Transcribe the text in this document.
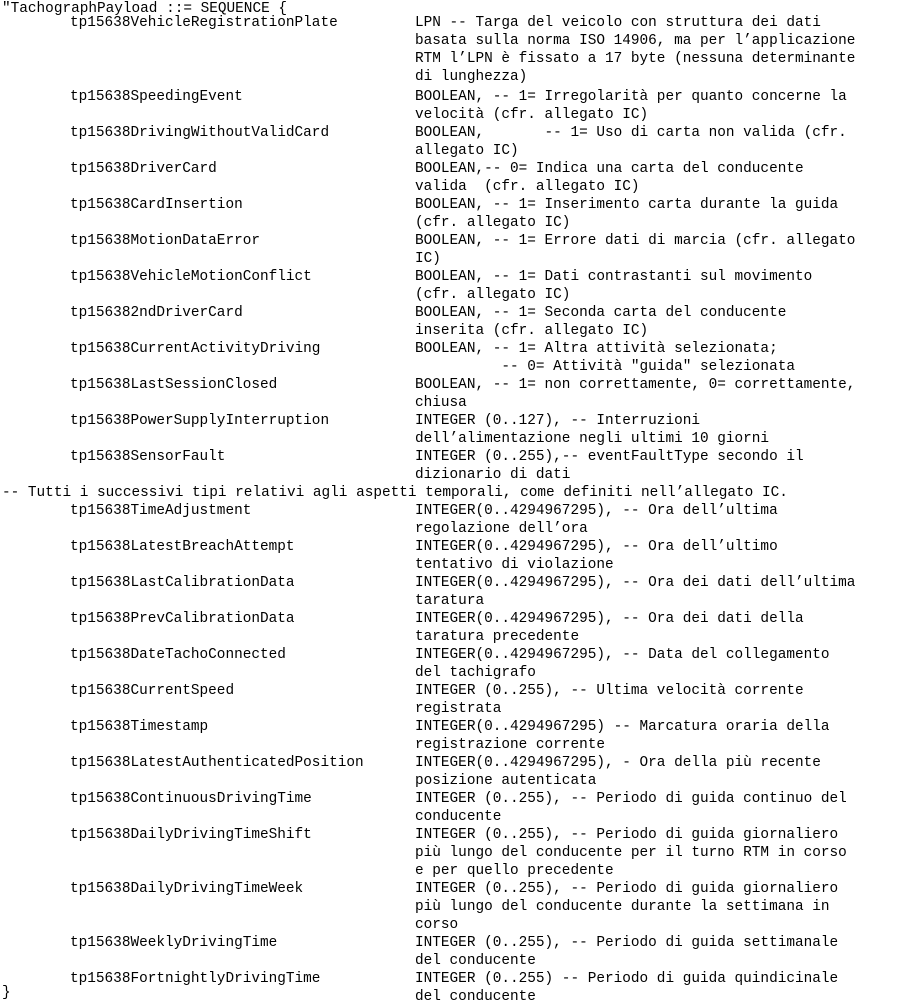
"TachographPayload ::= SEQUENCE {
tp15638VehicleRegistrationPlate	LPN -- Targa del veicolo con struttura dei dati
basata sulla norma ISO 14906, ma per l’applicazione
RTM l’LPN è fissato a 17 byte (nessuna determinante
di lunghezza)
tp15638SpeedingEvent	BOOLEAN, -- 1= Irregolarità per quanto concerne la
velocità (cfr. allegato IC)
tp15638DrivingWithoutValidCard	BOOLEAN,       -- 1= Uso di carta non valida (cfr.
allegato IC)
tp15638DriverCard	BOOLEAN,-- 0= Indica una carta del conducente
valida  (cfr. allegato IC)
tp15638CardInsertion	BOOLEAN, -- 1= Inserimento carta durante la guida
(cfr. allegato IC)
tp15638MotionDataError	BOOLEAN, -- 1= Errore dati di marcia (cfr. allegato
IC)
tp15638VehicleMotionConflict	BOOLEAN, -- 1= Dati contrastanti sul movimento
(cfr. allegato IC)
tp156382ndDriverCard	BOOLEAN, -- 1= Seconda carta del conducente
inserita (cfr. allegato IC)
tp15638CurrentActivityDriving	BOOLEAN, -- 1= Altra attività selezionata;
-- 0= Attività "guida" selezionata
tp15638LastSessionClosed	BOOLEAN, -- 1= non correttamente, 0= correttamente,
chiusa
tp15638PowerSupplyInterruption	INTEGER (0..127), -- Interruzioni
dell’alimentazione negli ultimi 10 giorni
tp15638SensorFault	INTEGER (0..255),-- eventFaultType secondo il
dizionario di dati
-- Tutti i successivi tipi relativi agli aspetti temporali, come definiti nell’allegato IC.
tp15638TimeAdjustment	INTEGER(0..4294967295), -- Ora dell’ultima
regolazione dell’ora
tp15638LatestBreachAttempt	INTEGER(0..4294967295), -- Ora dell’ultimo
tentativo di violazione
tp15638LastCalibrationData	INTEGER(0..4294967295), -- Ora dei dati dell’ultima
taratura
tp15638PrevCalibrationData	INTEGER(0..4294967295), -- Ora dei dati della
taratura precedente
tp15638DateTachoConnected	INTEGER(0..4294967295), -- Data del collegamento
del tachigrafo
tp15638CurrentSpeed	INTEGER (0..255), -- Ultima velocità corrente
registrata
tp15638Timestamp	INTEGER(0..4294967295) -- Marcatura oraria della
registrazione corrente
tp15638LatestAuthenticatedPosition	INTEGER(0..4294967295), - Ora della più recente
posizione autenticata
tp15638ContinuousDrivingTime	INTEGER (0..255), -- Periodo di guida continuo del
conducente
tp15638DailyDrivingTimeShift	INTEGER (0..255), -- Periodo di guida giornaliero
più lungo del conducente per il turno RTM in corso
e per quello precedente
tp15638DailyDrivingTimeWeek	INTEGER (0..255), -- Periodo di guida giornaliero
più lungo del conducente durante la settimana in
corso
tp15638WeeklyDrivingTime	INTEGER (0..255), -- Periodo di guida settimanale
del conducente
tp15638FortnightlyDrivingTime	INTEGER (0..255) -- Periodo di guida quindicinale
del conducente
}
